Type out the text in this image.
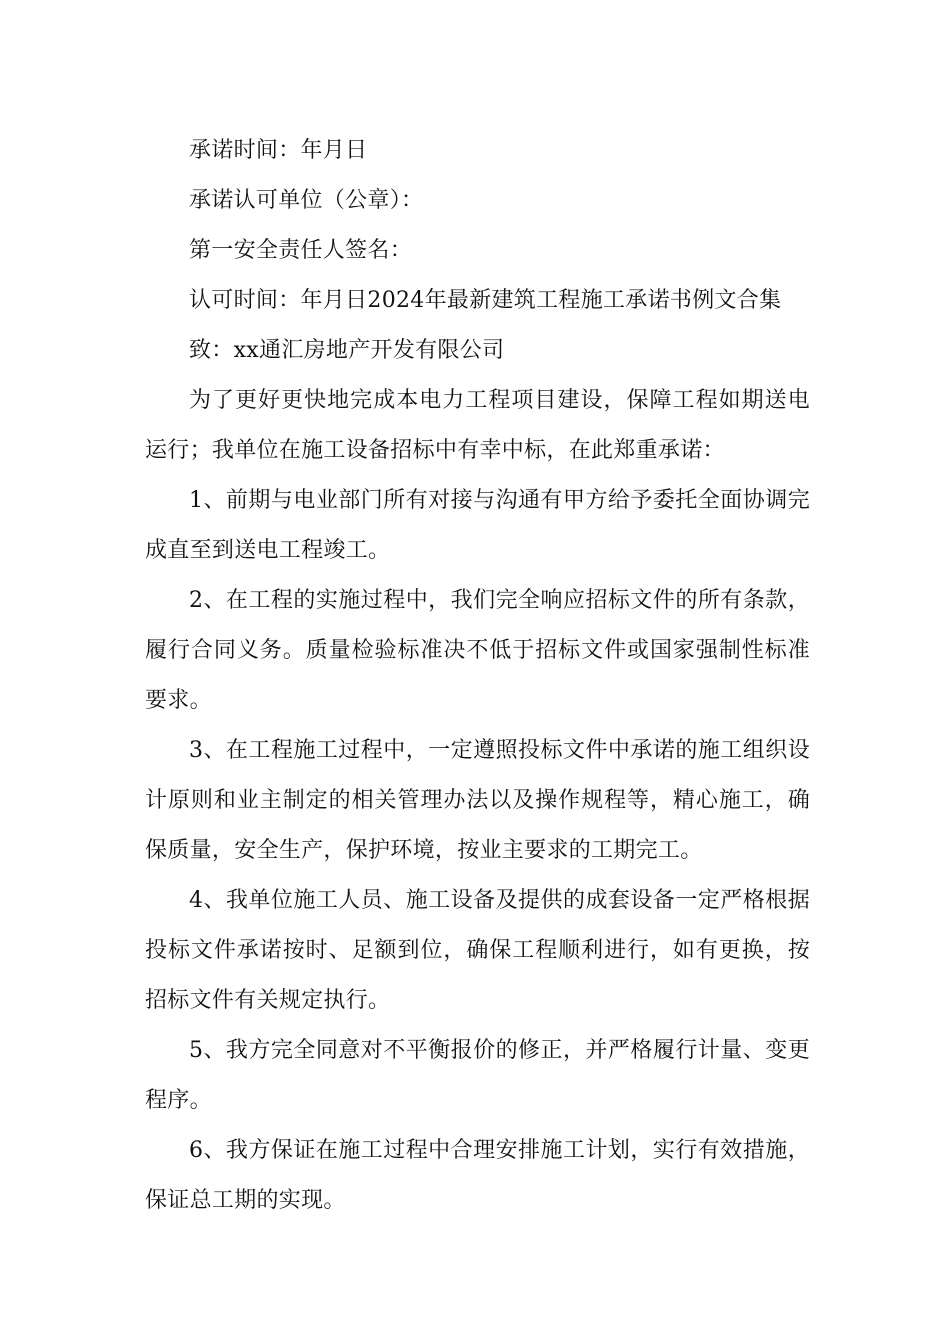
承诺时间：年月日

承诺认可单位（公章）：

第一安全责任人签名：

认可时间：年月日2024年最新建筑工程施工承诺书例文合集

致：xx通汇房地产开发有限公司

为了更好更快地完成本电力工程项目建设，保障工程如期送电运行；我单位在施工设备招标中有幸中标，在此郑重承诺：

1、前期与电业部门所有对接与沟通有甲方给予委托全面协调完成直至到送电工程竣工。

2、在工程的实施过程中，我们完全响应招标文件的所有条款，履行合同义务。质量检验标准决不低于招标文件或国家强制性标准要求。

3、在工程施工过程中，一定遵照投标文件中承诺的施工组织设计原则和业主制定的相关管理办法以及操作规程等，精心施工，确保质量，安全生产，保护环境，按业主要求的工期完工。

4、我单位施工人员、施工设备及提供的成套设备一定严格根据投标文件承诺按时、足额到位，确保工程顺利进行，如有更换，按招标文件有关规定执行。

5、我方完全同意对不平衡报价的修正，并严格履行计量、变更程序。

6、我方保证在施工过程中合理安排施工计划，实行有效措施，保证总工期的实现。
